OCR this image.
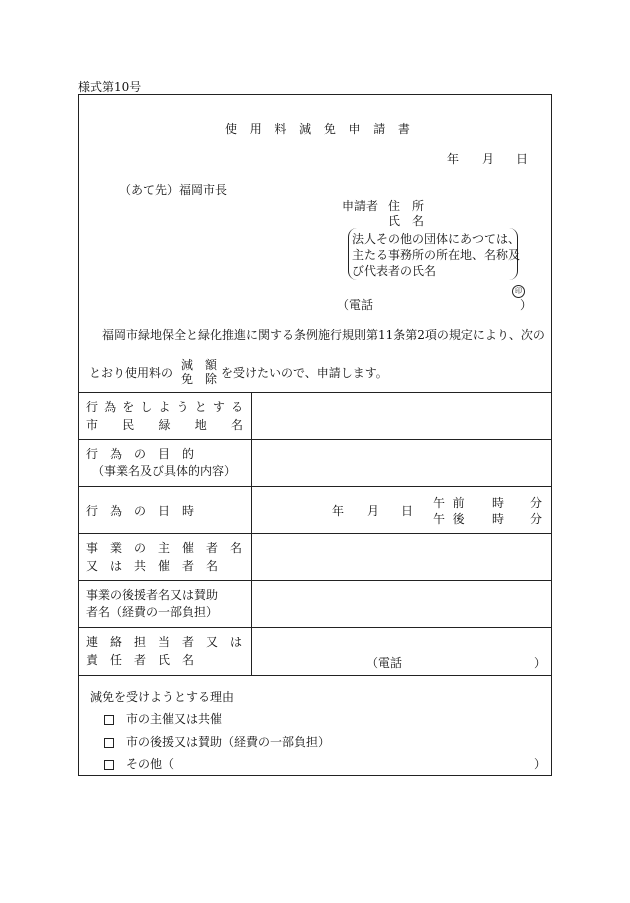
様式第10号
使 用 料 減 免 申 請 書
年 月 日
（あて先）福岡市長
申請者 住　所
氏　名
法人その他の団体にあつては、
主たる事務所の所在地、名称及
び代表者の氏名
印
（電話	）
福岡市緑地保全と緑化推進に関する条例施行規則第11条第2項の規定により、次の
とおり使用料の
減　額
免　除 を受けたいので、申請します。
行為をしようとする
市　民　緑　地　名
行　為　の　目　的
（事業名及び具体的内容）
行　為　の　日　時	年 月 日
午 前 時 分
午 後 時 分
事　業　の　主　催　者　名
又　は　共　催　者　名
事業の後援者名又は賛助
者名（経費の一部負担）
連　絡　担　当　者　又　は
責　任　者　氏　名	（電話	）
減免を受けようとする理由
市の主催又は共催
市の後援又は賛助（経費の一部負担）
その他（	）
